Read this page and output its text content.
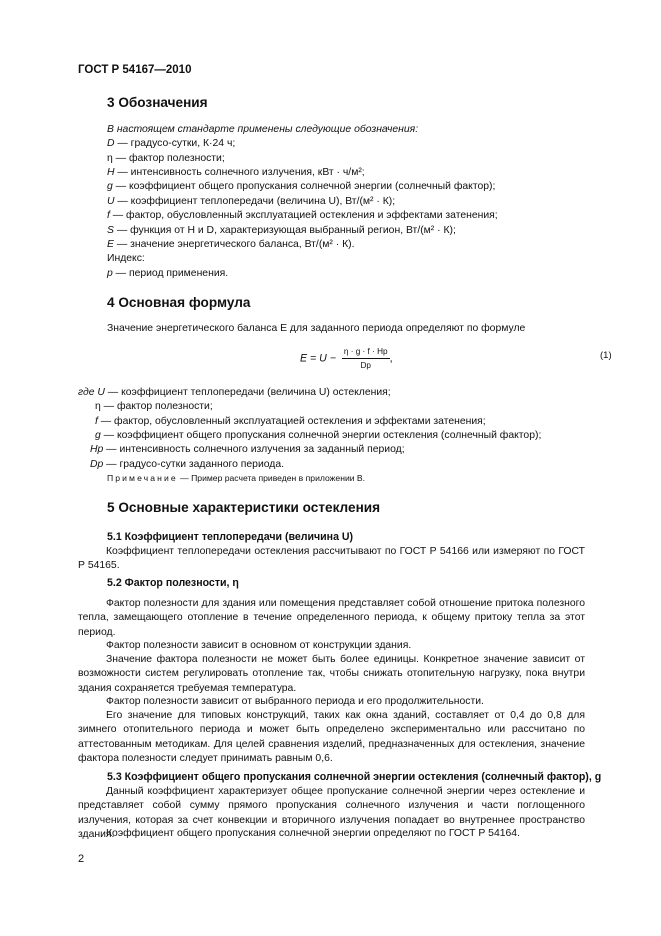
ГОСТ Р 54167—2010
3 Обозначения
В настоящем стандарте применены следующие обозначения:
D — градусо-сутки, К·24 ч;
η — фактор полезности;
H — интенсивность солнечного излучения, кВт · ч/м²;
g — коэффициент общего пропускания солнечной энергии (солнечный фактор);
U — коэффициент теплопередачи (величина U), Вт/(м² · К);
f — фактор, обусловленный эксплуатацией остекления и эффектами затенения;
S — функция от H и D, характеризующая выбранный регион, Вт/(м² · К);
E — значение энергетического баланса, Вт/(м² · К).
Индекс:
p — период применения.
4 Основная формула
Значение энергетического баланса E для заданного периода определяют по формуле
$E = U - \frac{\eta \cdot g \cdot f \cdot Hp}{Dp}$ ,	(1)
где U — коэффициент теплопередачи (величина U) остекления;
η — фактор полезности;
f — фактор, обусловленный эксплуатацией остекления и эффектами затенения;
g — коэффициент общего пропускания солнечной энергии остекления (солнечный фактор);
Hp — интенсивность солнечного излучения за заданный период;
Dp — градусо-сутки заданного периода.
Примечание — Пример расчета приведен в приложении В.
5 Основные характеристики остекления
5.1 Коэффициент теплопередачи (величина U)
Коэффициент теплопередачи остекления рассчитывают по ГОСТ Р 54166 или измеряют по ГОСТ Р 54165.
5.2 Фактор полезности, η
Фактор полезности для здания или помещения представляет собой отношение притока полезного тепла, замещающего отопление в течение определенного периода, к общему притоку тепла за этот период.
Фактор полезности зависит в основном от конструкции здания.
Значение фактора полезности не может быть более единицы. Конкретное значение зависит от возможности систем регулировать отопление так, чтобы снижать отопительную нагрузку, пока внутри здания сохраняется требуемая температура.
Фактор полезности зависит от выбранного периода и его продолжительности.
Его значение для типовых конструкций, таких как окна зданий, составляет от 0,4 до 0,8 для зимнего отопительного периода и может быть определено экспериментально или рассчитано по аттестованным методикам. Для целей сравнения изделий, предназначенных для остекления, значение фактора полезности следует принимать равным 0,6.
5.3 Коэффициент общего пропускания солнечной энергии остекления (солнечный фактор), g
Данный коэффициент характеризует общее пропускание солнечной энергии через остекление и представляет собой сумму прямого пропускания солнечного излучения и части поглощенного излучения, которая за счет конвекции и вторичного излучения попадает во внутреннее пространство здания.
Коэффициент общего пропускания солнечной энергии определяют по ГОСТ Р 54164.
2
